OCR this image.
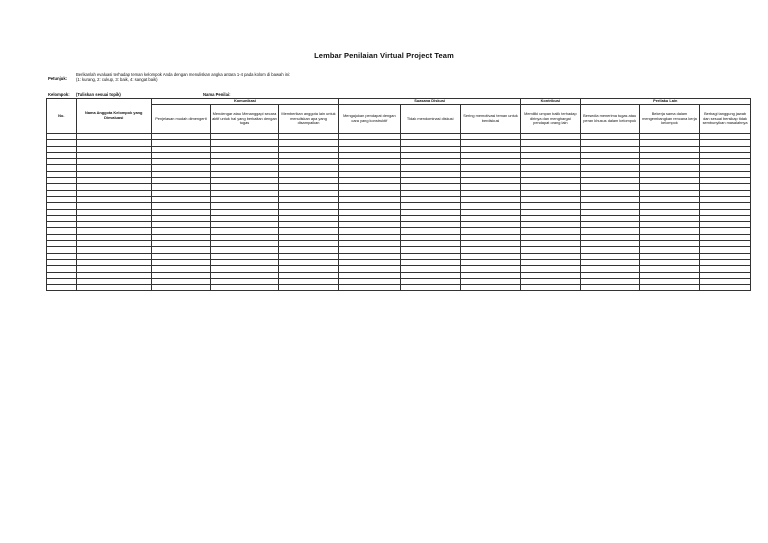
Lembar Penilaian Virtual Project Team
Petunjuk:
Berikanlah evaluasi terhadap teman kelompok Anda dengan menuliskan angka antara 1-4 pada kolom di bawah ini:
(1: kurang, 2: cukup, 3: baik, 4: sangat baik)
Kelompok: (Tuliskan sesuai topik)	Nama Penilai:
No.	Nama Anggota Kelompok yang Dievaluasi	Komunikasi			Suasana Diskusi			Kontribusi	Perilaku Lain		
		Penjelasan mudah dimengerti	Mendengar atau Menanggapi secara aktif untuk hal yang berkaitan dengan tugas	Memberikan anggota lain untuk menuliskan apa yang disampaikan	Mengajukan pendapat dengan cara yang konstruktif	Tidak mendominasi diskusi	Sering memotivasi teman untuk berdiskusi	Memiliki umpan balik terhadap dirinya dan menghargai pendapat orang lain	Bersedia menerima tugas atau peran khusus dalam kelompok	Bekerja sama dalam mengembangkan rencana kerja kelompok	Berbagi tanggung jawab dan sesuai bersikap tidak sembunyikan masalahnya
